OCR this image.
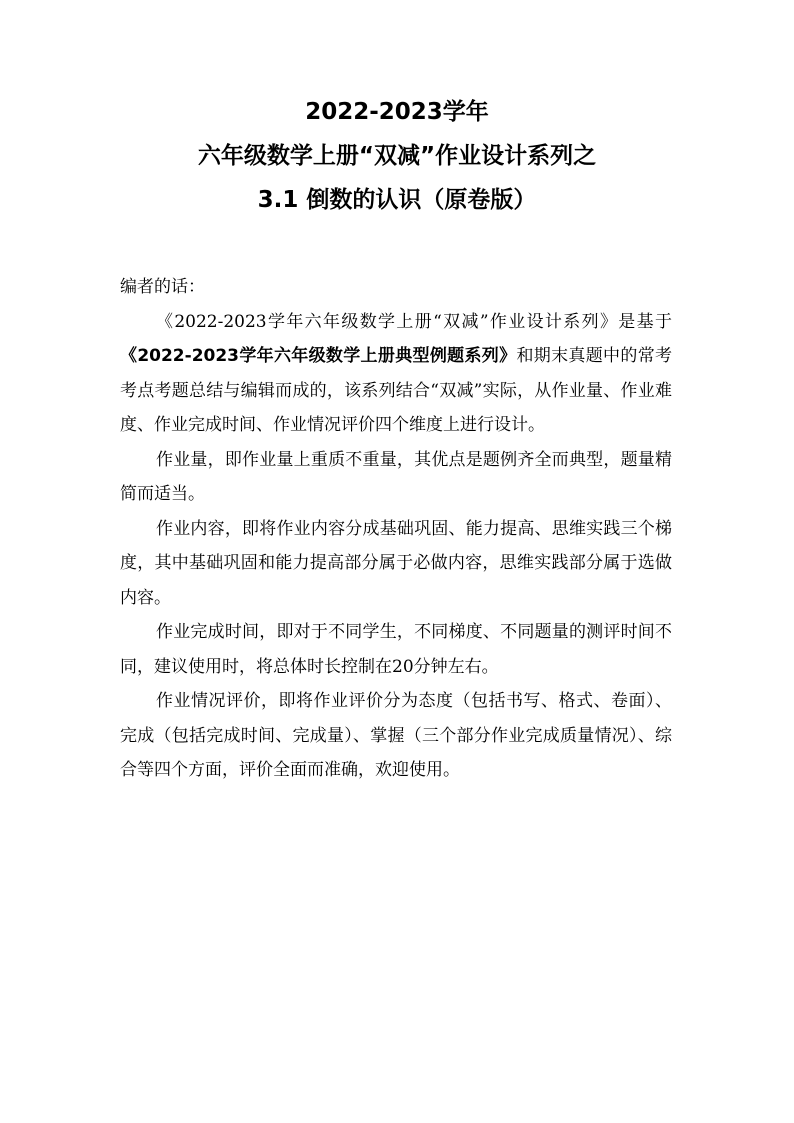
2022-2023学年

六年级数学上册“双减”作业设计系列之

3.1 倒数的认识（原卷版）

编者的话：

《2022-2023学年六年级数学上册“双减”作业设计系列》是基于《2022-2023学年六年级数学上册典型例题系列》和期末真题中的常考考点考题总结与编辑而成的，该系列结合“双减”实际，从作业量、作业难度、作业完成时间、作业情况评价四个维度上进行设计。

作业量，即作业量上重质不重量，其优点是题例齐全而典型，题量精简而适当。

作业内容，即将作业内容分成基础巩固、能力提高、思维实践三个梯度，其中基础巩固和能力提高部分属于必做内容，思维实践部分属于选做内容。

作业完成时间，即对于不同学生，不同梯度、不同题量的测评时间不同，建议使用时，将总体时长控制在20分钟左右。

作业情况评价，即将作业评价分为态度（包括书写、格式、卷面）、完成（包括完成时间、完成量）、掌握（三个部分作业完成质量情况）、综合等四个方面，评价全面而准确，欢迎使用。
